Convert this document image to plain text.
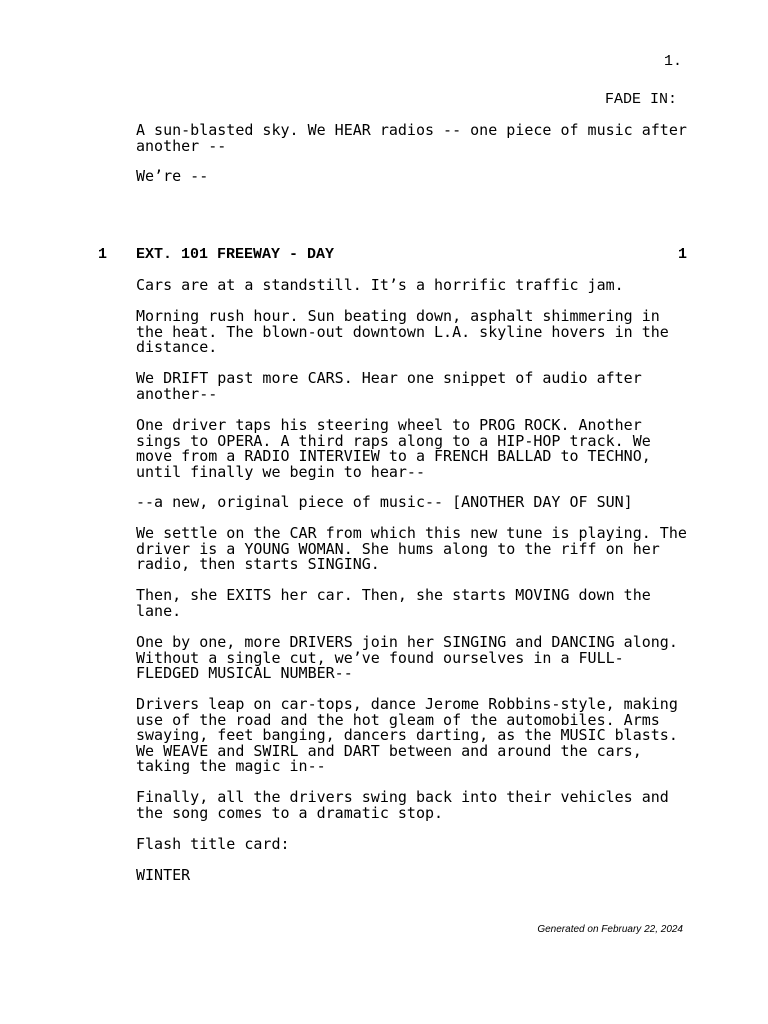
1.
FADE IN:
A sun-blasted sky. We HEAR radios -- one piece of music after
another --
We’re --
1 EXT. 101 FREEWAY - DAY	1
Cars are at a standstill. It’s a horrific traffic jam.
Morning rush hour. Sun beating down, asphalt shimmering in
the heat. The blown-out downtown L.A. skyline hovers in the
distance.
We DRIFT past more CARS. Hear one snippet of audio after
another--
One driver taps his steering wheel to PROG ROCK. Another
sings to OPERA. A third raps along to a HIP-HOP track. We
move from a RADIO INTERVIEW to a FRENCH BALLAD to TECHNO,
until finally we begin to hear--
--a new, original piece of music-- [ANOTHER DAY OF SUN]
We settle on the CAR from which this new tune is playing. The
driver is a YOUNG WOMAN. She hums along to the riff on her
radio, then starts SINGING.
Then, she EXITS her car. Then, she starts MOVING down the
lane.
One by one, more DRIVERS join her SINGING and DANCING along.
Without a single cut, we’ve found ourselves in a FULL-
FLEDGED MUSICAL NUMBER--
Drivers leap on car-tops, dance Jerome Robbins-style, making
use of the road and the hot gleam of the automobiles. Arms
swaying, feet banging, dancers darting, as the MUSIC blasts.
We WEAVE and SWIRL and DART between and around the cars,
taking the magic in--
Finally, all the drivers swing back into their vehicles and
the song comes to a dramatic stop.
Flash title card:
WINTER
Generated on February 22, 2024
